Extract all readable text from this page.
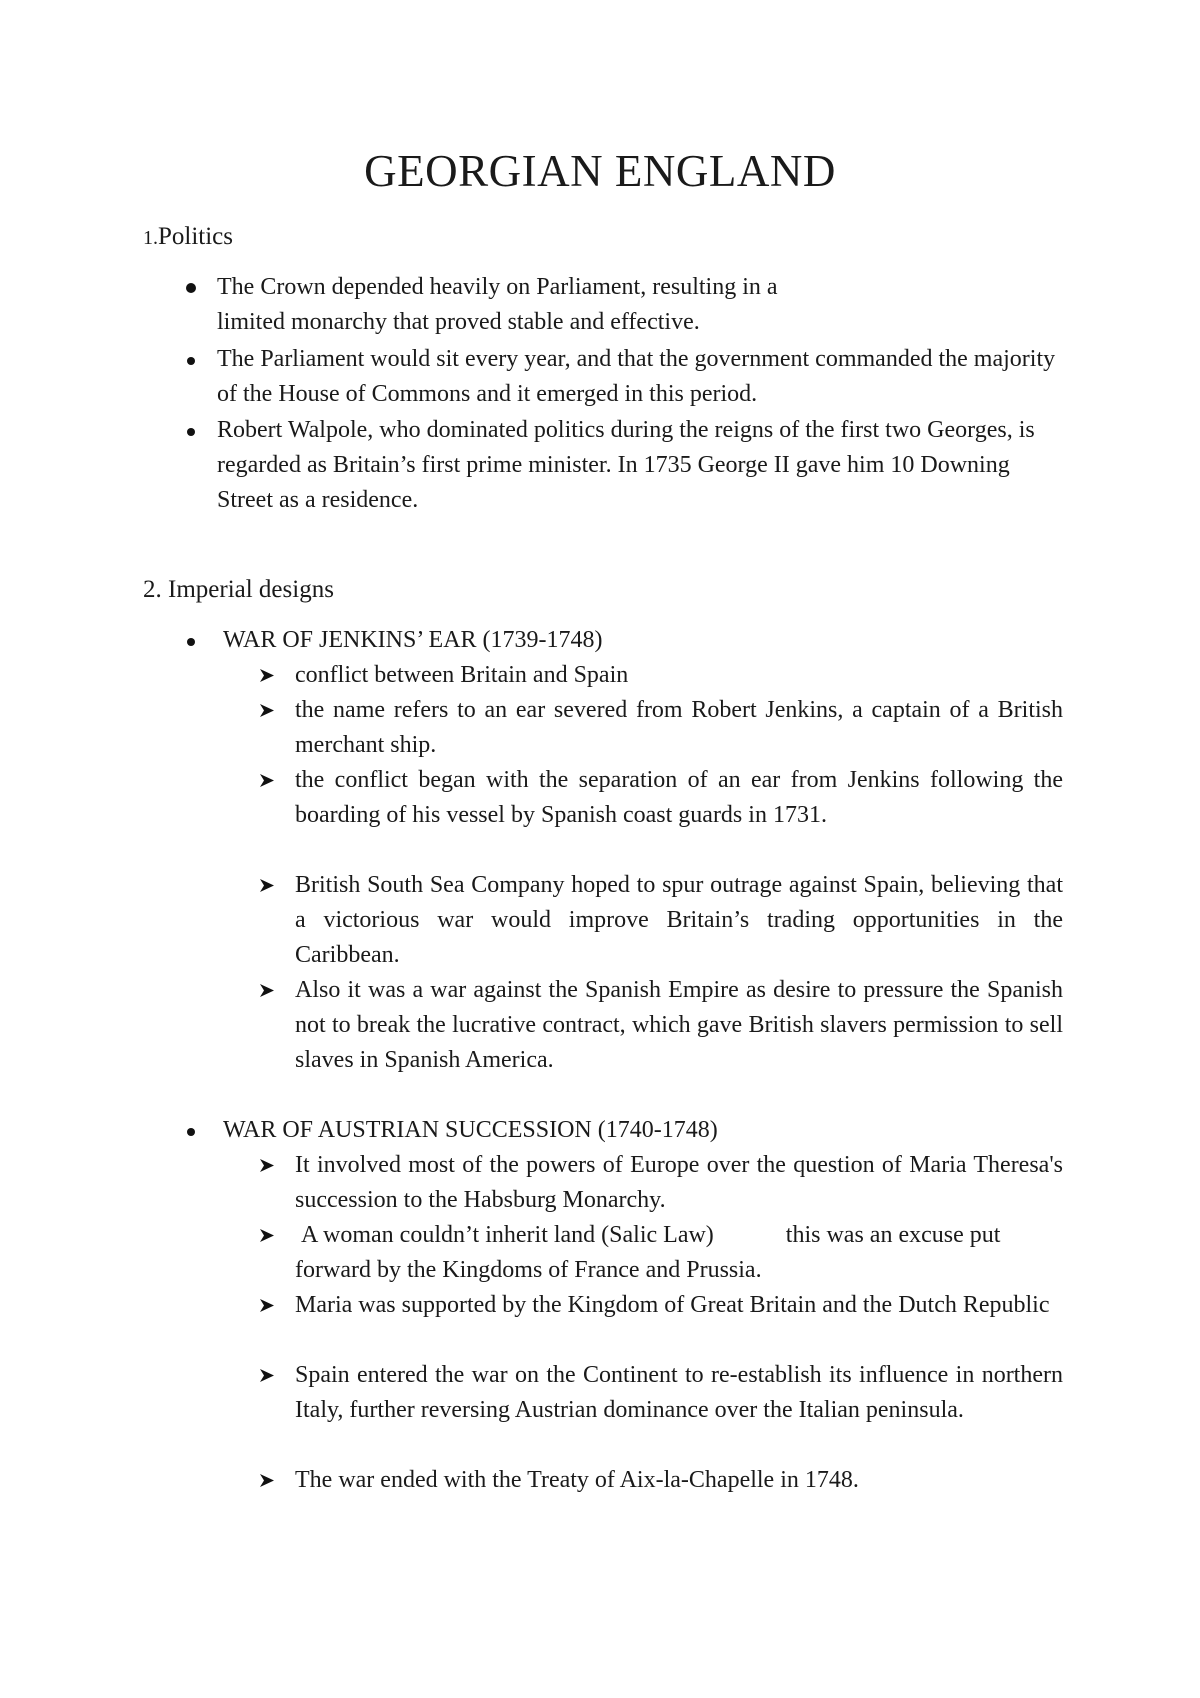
GEORGIAN ENGLAND
1.Politics
The Crown depended heavily on Parliament, resulting in a
limited monarchy that proved stable and effective.
The Parliament would sit every year, and that the government commanded the majority of the House of Commons and it emerged in this period.
Robert Walpole, who dominated politics during the reigns of the first two Georges, is regarded as Britain’s first prime minister. In 1735 George II gave him 10 Downing Street as a residence.
2. Imperial designs
WAR OF JENKINS’ EAR (1739-1748)
conflict between Britain and Spain
the name refers to an ear severed from Robert Jenkins, a captain of a British merchant ship.
the conflict began with the separation of an ear from Jenkins following the boarding of his vessel by Spanish coast guards in 1731.
British South Sea Company hoped to spur outrage against Spain, believing that a victorious war would improve Britain’s trading opportunities in the Caribbean.
Also it was a war against the Spanish Empire as desire to pressure the Spanish not to break the lucrative contract, which gave British slavers permission to sell slaves in Spanish America.
WAR OF AUSTRIAN SUCCESSION (1740-1748)
It involved most of the powers of Europe over the question of Maria Theresa's succession to the Habsburg Monarchy.
A woman couldn’t inherit land (Salic Law)            this was an excuse put forward by the Kingdoms of France and Prussia.
Maria was supported by the Kingdom of Great Britain and the Dutch Republic
Spain entered the war on the Continent to re-establish its influence in northern Italy, further reversing Austrian dominance over the Italian peninsula.
The war ended with the Treaty of Aix-la-Chapelle in 1748.
